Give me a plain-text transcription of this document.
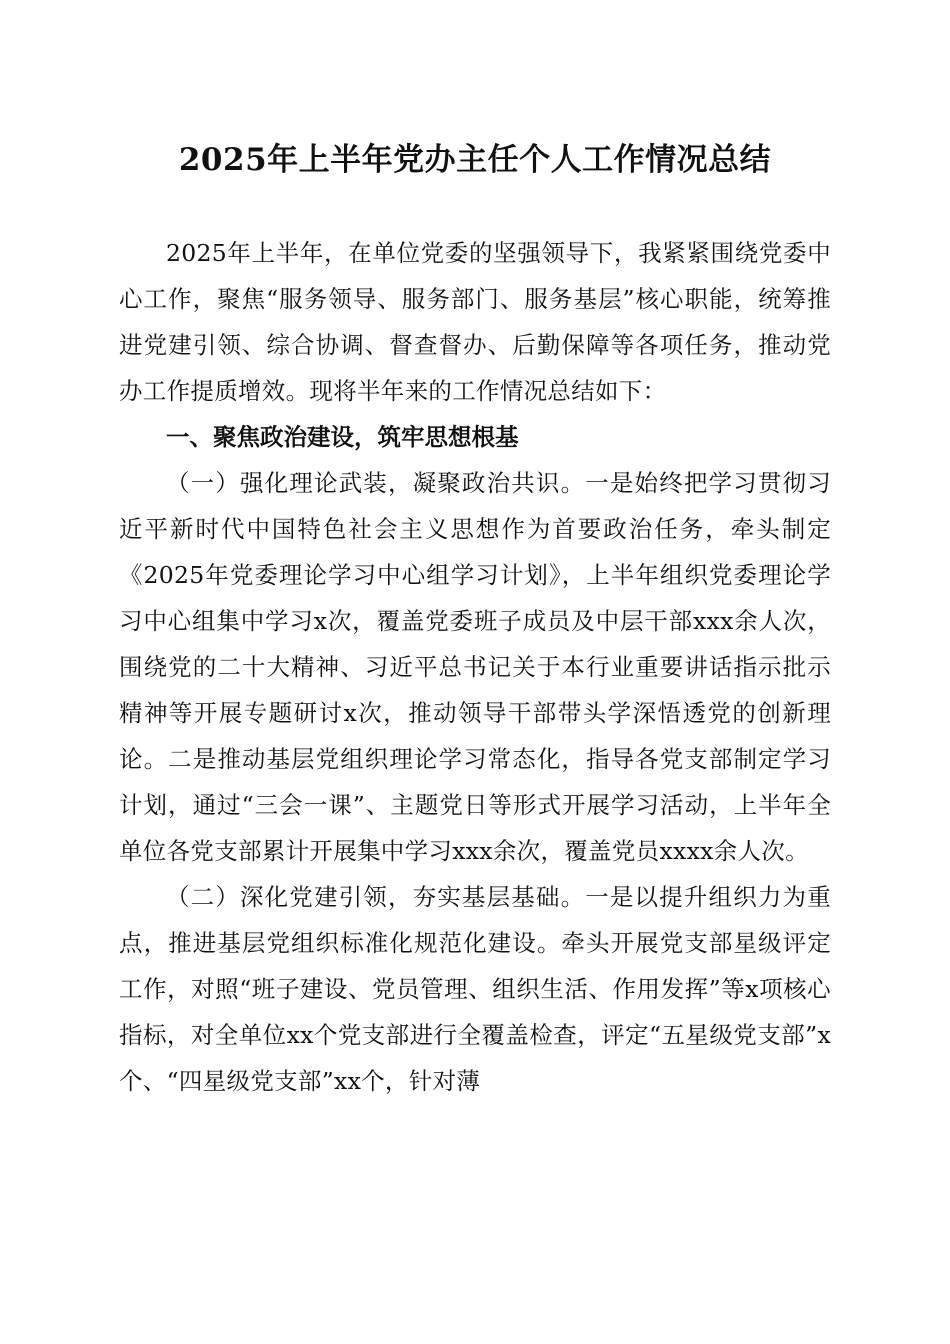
2025年上半年党办主任个人工作情况总结

2025年上半年，在单位党委的坚强领导下，我紧紧围绕党委中心工作，聚焦“服务领导、服务部门、服务基层”核心职能，统筹推进党建引领、综合协调、督查督办、后勤保障等各项任务，推动党办工作提质增效。现将半年来的工作情况总结如下：

一、聚焦政治建设，筑牢思想根基

（一）强化理论武装，凝聚政治共识。一是始终把学习贯彻习近平新时代中国特色社会主义思想作为首要政治任务，牵头制定《2025年党委理论学习中心组学习计划》，上半年组织党委理论学习中心组集中学习x次，覆盖党委班子成员及中层干部xxx余人次，围绕党的二十大精神、习近平总书记关于本行业重要讲话指示批示精神等开展专题研讨x次，推动领导干部带头学深悟透党的创新理论。二是推动基层党组织理论学习常态化，指导各党支部制定学习计划，通过“三会一课”、主题党日等形式开展学习活动，上半年全单位各党支部累计开展集中学习xxx余次，覆盖党员xxxx余人次。

（二）深化党建引领，夯实基层基础。一是以提升组织力为重点，推进基层党组织标准化规范化建设。牵头开展党支部星级评定工作，对照“班子建设、党员管理、组织生活、作用发挥”等x项核心指标，对全单位xx个党支部进行全覆盖检查，评定“五星级党支部”x个、“四星级党支部”xx个，针对薄
